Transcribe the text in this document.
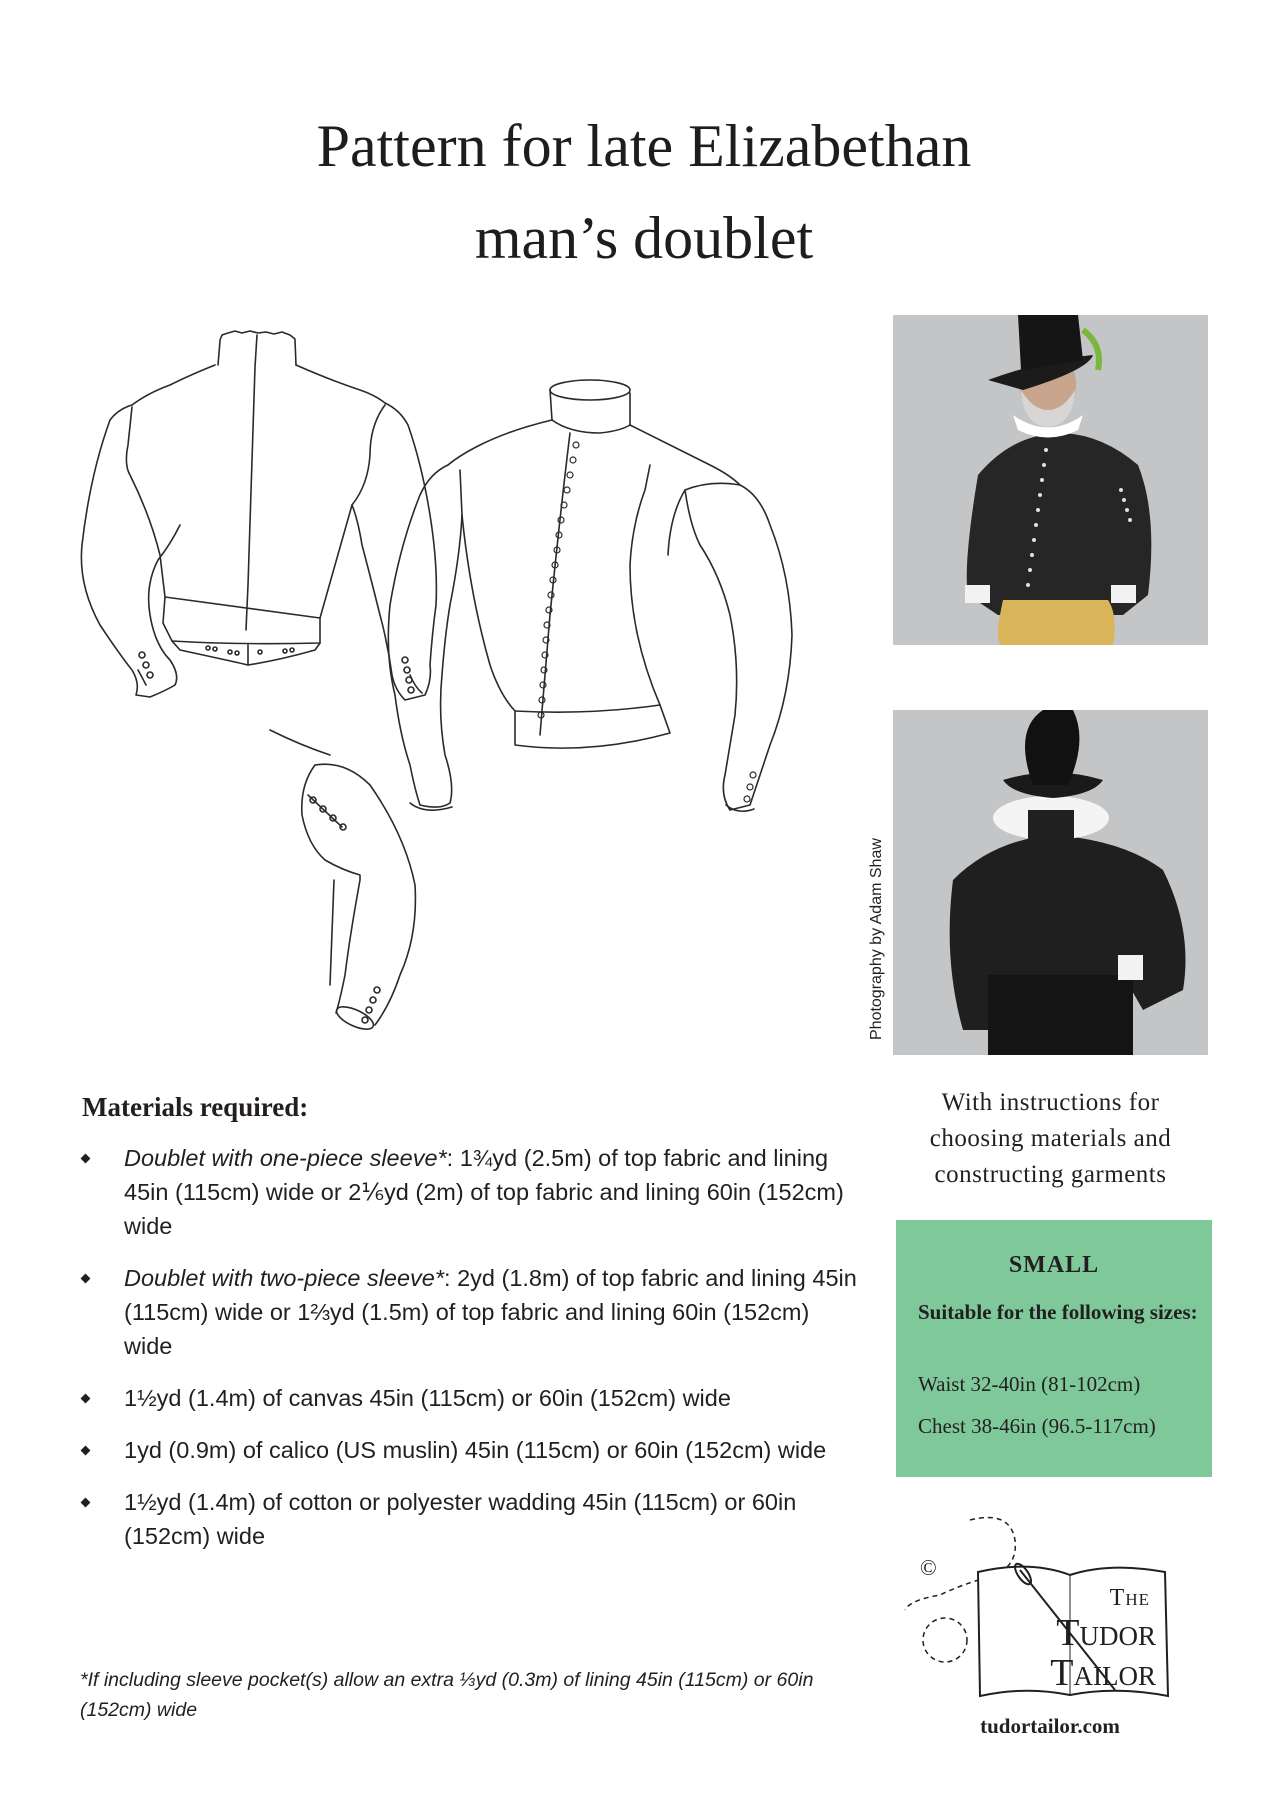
Pattern for late Elizabethan
man’s doublet
Photography by Adam Shaw
Materials required:
Doublet with one-piece sleeve*: 1¾yd (2.5m) of top fabric and lining 45in (115cm) wide or 2⅙yd (2m) of top fabric and lining 60in (152cm) wide
Doublet with two-piece sleeve*: 2yd (1.8m) of top fabric and lining 45in (115cm) wide or 1⅔yd (1.5m) of top fabric and lining 60in (152cm) wide
1½yd (1.4m) of canvas 45in (115cm) or 60in (152cm) wide
1yd (0.9m) of calico (US muslin) 45in (115cm) or 60in (152cm) wide
1½yd (1.4m) of cotton or polyester wadding 45in (115cm) or 60in (152cm) wide
*If including sleeve pocket(s) allow an extra ⅓yd (0.3m) of lining 45in (115cm) or 60in (152cm) wide
With instructions for
choosing materials and
constructing garments
SMALL
Suitable for the following sizes:
Waist 32-40in (81-102cm)
Chest 38-46in (96.5-117cm)
©
The
Tudor
Tailor
tudortailor.com
